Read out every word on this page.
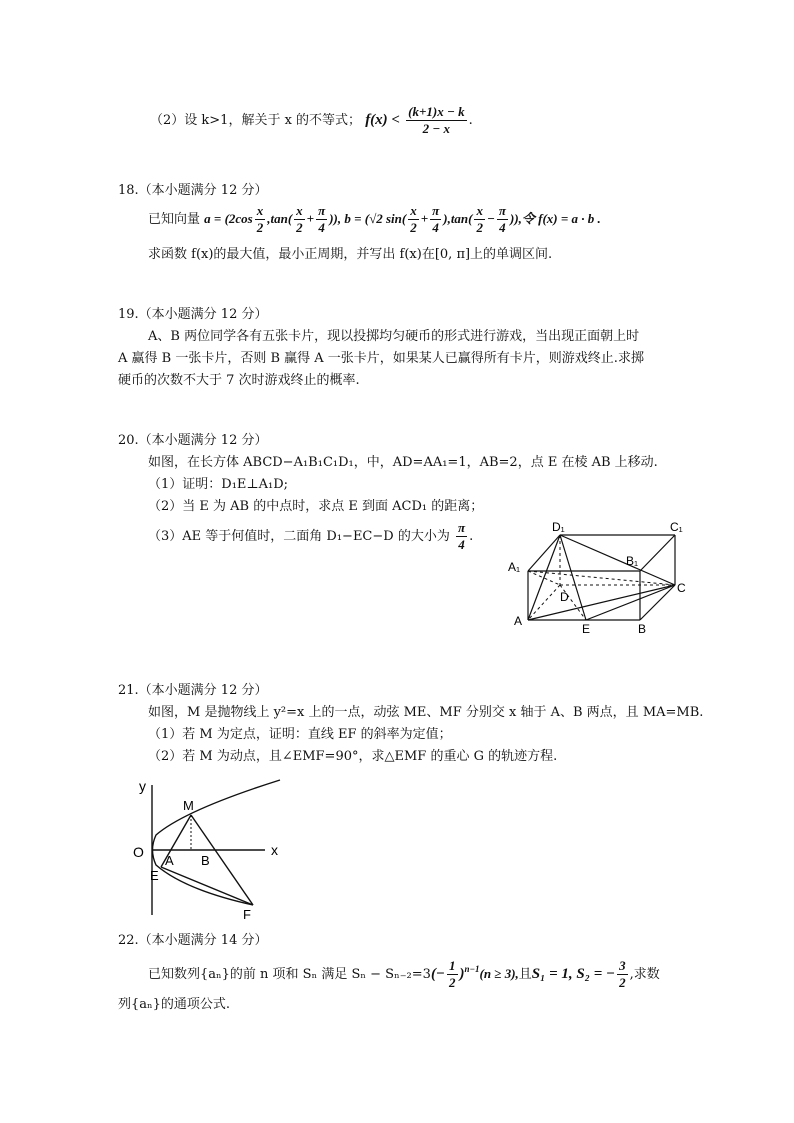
（2）设 k>1，解关于 x 的不等式； $f(x) < \frac{(k+1)x - k}{2 - x}$ .
18.（本小题满分 12 分）
已知向量 $a = (2\cos \frac{x}{2} ,\tan( \frac{x}{2} + \frac{\pi}{4}$ )), b = (√2 $\sin( \frac{x}{2} + \frac{\pi}{4} ),\tan( \frac{x}{2} - \frac{\pi}{4}$ )),令 f(x) = a · b .
求函数 f(x)的最大值，最小正周期，并写出 f(x)在[0, π]上的单调区间.
19.（本小题满分 12 分）
A、B 两位同学各有五张卡片，现以投掷均匀硬币的形式进行游戏，当出现正面朝上时
A 赢得 B 一张卡片，否则 B 赢得 A 一张卡片，如果某人已赢得所有卡片，则游戏终止.求掷
硬币的次数不大于 7 次时游戏终止的概率.
20.（本小题满分 12 分）
如图，在长方体 ABCD−A₁B₁C₁D₁，中，AD=AA₁=1，AB=2，点 E 在棱 AB 上移动.
（1）证明：D₁E⊥A₁D;
（2）当 E 为 AB 的中点时，求点 E 到面 ACD₁ 的距离；
（3）AE 等于何值时，二面角 D₁−EC−D 的大小为 $\frac{\pi}{4}$ .
D₁	C₁
B₁
A₁
D
C
A
E	B
21.（本小题满分 12 分）
如图，M 是抛物线上 y²=x 上的一点，动弦 ME、MF 分别交 x 轴于 A、B 两点，且 MA=MB.
（1）若 M 为定点，证明：直线 EF 的斜率为定值；
（2）若 M 为动点，且∠EMF=90°，求△EMF 的重心 G 的轨迹方程.
y
x
O
M
A B
E
F
22.（本小题满分 14 分）
已知数列{aₙ}的前 n 项和 Sₙ 满足 $S_n - S_{n-2}=3(- \frac{1}{2} )^{n-1}(n \ge 3)$,且S₁ = 1, S₂ = − $\frac{3}{2}$ ,求数
列{aₙ}的通项公式.
